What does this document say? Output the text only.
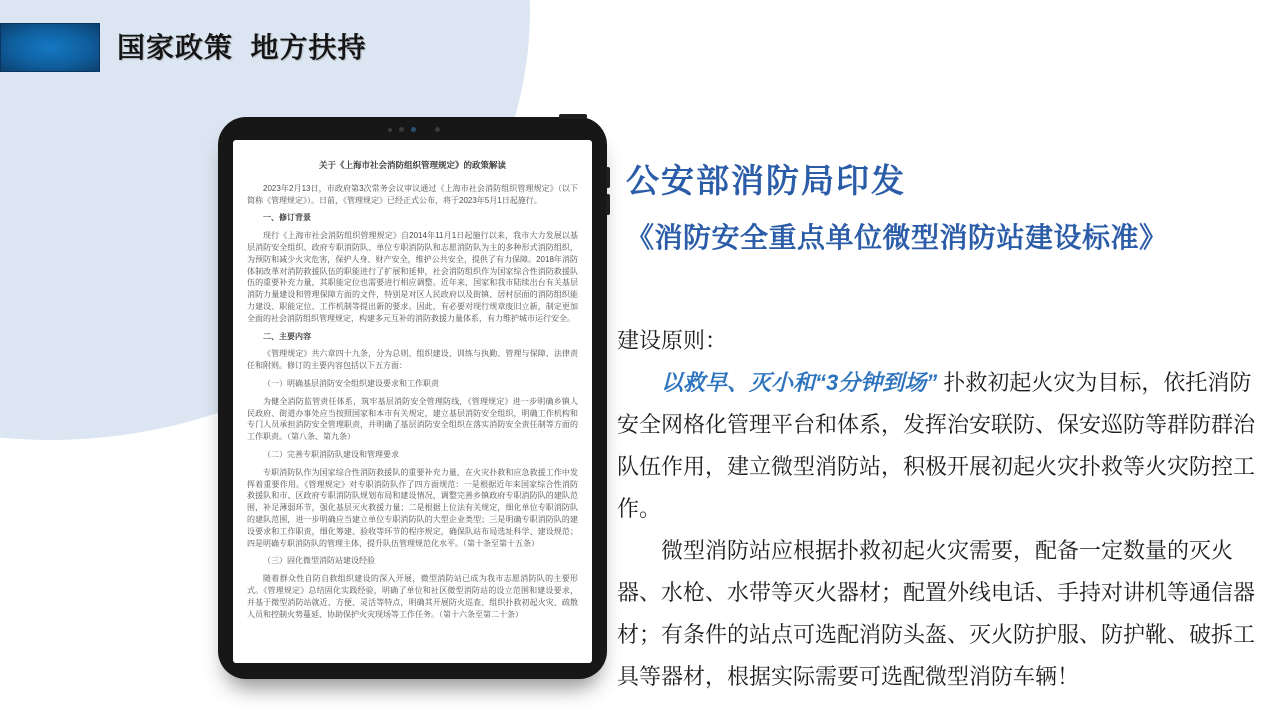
国家政策  地方扶持
关于《上海市社会消防组织管理规定》的政策解读
2023年2月13日，市政府第3次常务会议审议通过《上海市社会消防组织管理规定》（以下简称《管理规定》）。日前，《管理规定》已经正式公布，将于2023年5月1日起施行。
一、修订背景
现行《上海市社会消防组织管理规定》自2014年11月1日起施行以来，我市大力发展以基层消防安全组织、政府专职消防队、单位专职消防队和志愿消防队为主的多种形式消防组织，为预防和减少火灾危害，保护人身、财产安全，维护公共安全，提供了有力保障。2018年消防体制改革对消防救援队伍的职能进行了扩展和延伸，社会消防组织作为国家综合性消防救援队伍的重要补充力量，其职能定位也需要进行相应调整。近年来，国家和我市陆续出台有关基层消防力量建设和管理保障方面的文件，特别是对区人民政府以及街镇、居村层面的消防组织能力建设、职能定位、工作机制等提出新的要求。因此，有必要对现行规章废旧立新，制定更加全面的社会消防组织管理规定，构建多元互补的消防救援力量体系，有力维护城市运行安全。
二、主要内容
《管理规定》共六章四十九条，分为总则、组织建设、训练与执勤、管理与保障、法律责任和附则。修订的主要内容包括以下五方面：
（一）明确基层消防安全组织建设要求和工作职责
为健全消防监管责任体系，筑牢基层消防安全管理防线，《管理规定》进一步明确乡镇人民政府、街道办事处应当按照国家和本市有关规定，建立基层消防安全组织，明确工作机构和专门人员承担消防安全管理职责，并明确了基层消防安全组织在落实消防安全责任制等方面的工作职责。（第八条、第九条）
（二）完善专职消防队建设和管理要求
专职消防队作为国家综合性消防救援队的重要补充力量，在火灾扑救和应急救援工作中发挥着重要作用。《管理规定》对专职消防队作了四方面规范：一是根据近年来国家综合性消防救援队和市、区政府专职消防队规划布局和建设情况，调整完善乡镇政府专职消防队的建队范围，补足薄弱环节，强化基层灭火救援力量；二是根据上位法有关规定，细化单位专职消防队的建队范围，进一步明确应当建立单位专职消防队的大型企业类型；三是明确专职消防队的建设要求和工作职责，细化筹建、验收等环节的程序规定，确保队站布局选址科学、建设规范；四是明确专职消防队的管理主体，提升队伍管理规范化水平。（第十条至第十五条）
（三）固化微型消防站建设经验
随着群众性自防自救组织建设的深入开展，微型消防站已成为我市志愿消防队的主要形式。《管理规定》总结固化实践经验，明确了单位和社区微型消防站的设立范围和建设要求，并基于微型消防站就近、方便、灵活等特点，明确其开展防火巡查、组织扑救初起火灾、疏散人员和控制火势蔓延、协助保护火灾现场等工作任务。（第十六条至第二十条）
公安部消防局印发
《消防安全重点单位微型消防站建设标准》
建设原则：

以救早、灭小和“3分钟到场” 扑救初起火灾为目标，依托消防安全网格化管理平台和体系，发挥治安联防、保安巡防等群防群治队伍作用，建立微型消防站，积极开展初起火灾扑救等火灾防控工作。

微型消防站应根据扑救初起火灾需要，配备一定数量的灭火器、水枪、水带等灭火器材；配置外线电话、手持对讲机等通信器材；有条件的站点可选配消防头盔、灭火防护服、防护靴、破拆工具等器材，根据实际需要可选配微型消防车辆！
